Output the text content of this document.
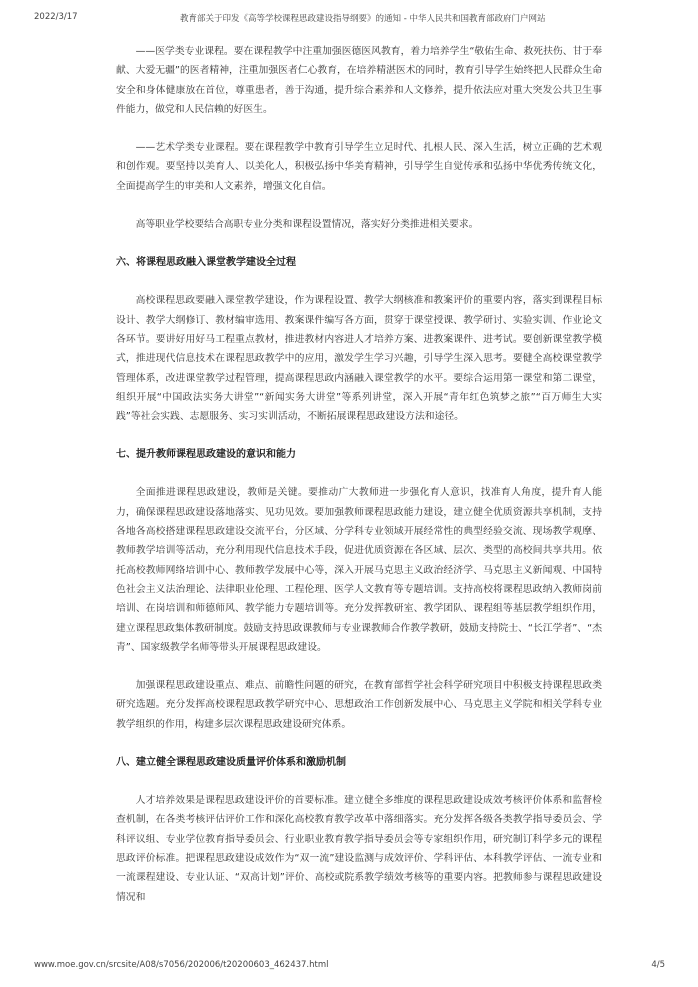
2022/3/17	教育部关于印发《高等学校课程思政建设指导纲要》的通知 - 中华人民共和国教育部政府门户网站

——医学类专业课程。要在课程教学中注重加强医德医风教育，着力培养学生“敬佑生命、救死扶伤、甘于奉献、大爱无疆”的医者精神，注重加强医者仁心教育，在培养精湛医术的同时，教育引导学生始终把人民群众生命安全和身体健康放在首位，尊重患者，善于沟通，提升综合素养和人文修养，提升依法应对重大突发公共卫生事件能力，做党和人民信赖的好医生。

——艺术学类专业课程。要在课程教学中教育引导学生立足时代、扎根人民、深入生活，树立正确的艺术观和创作观。要坚持以美育人、以美化人，积极弘扬中华美育精神，引导学生自觉传承和弘扬中华优秀传统文化，全面提高学生的审美和人文素养，增强文化自信。

高等职业学校要结合高职专业分类和课程设置情况，落实好分类推进相关要求。

六、将课程思政融入课堂教学建设全过程

高校课程思政要融入课堂教学建设，作为课程设置、教学大纲核准和教案评价的重要内容，落实到课程目标设计、教学大纲修订、教材编审选用、教案课件编写各方面，贯穿于课堂授课、教学研讨、实验实训、作业论文各环节。要讲好用好马工程重点教材，推进教材内容进人才培养方案、进教案课件、进考试。要创新课堂教学模式，推进现代信息技术在课程思政教学中的应用，激发学生学习兴趣，引导学生深入思考。要健全高校课堂教学管理体系，改进课堂教学过程管理，提高课程思政内涵融入课堂教学的水平。要综合运用第一课堂和第二课堂，组织开展“中国政法实务大讲堂”“新闻实务大讲堂”等系列讲堂，深入开展“青年红色筑梦之旅”“百万师生大实践”等社会实践、志愿服务、实习实训活动，不断拓展课程思政建设方法和途径。

七、提升教师课程思政建设的意识和能力

全面推进课程思政建设，教师是关键。要推动广大教师进一步强化育人意识，找准育人角度，提升育人能力，确保课程思政建设落地落实、见功见效。要加强教师课程思政能力建设，建立健全优质资源共享机制，支持各地各高校搭建课程思政建设交流平台，分区域、分学科专业领域开展经常性的典型经验交流、现场教学观摩、教师教学培训等活动，充分利用现代信息技术手段，促进优质资源在各区域、层次、类型的高校间共享共用。依托高校教师网络培训中心、教师教学发展中心等，深入开展马克思主义政治经济学、马克思主义新闻观、中国特色社会主义法治理论、法律职业伦理、工程伦理、医学人文教育等专题培训。支持高校将课程思政纳入教师岗前培训、在岗培训和师德师风、教学能力专题培训等。充分发挥教研室、教学团队、课程组等基层教学组织作用，建立课程思政集体教研制度。鼓励支持思政课教师与专业课教师合作教学教研，鼓励支持院士、“长江学者”、“杰青”、国家级教学名师等带头开展课程思政建设。

加强课程思政建设重点、难点、前瞻性问题的研究，在教育部哲学社会科学研究项目中积极支持课程思政类研究选题。充分发挥高校课程思政教学研究中心、思想政治工作创新发展中心、马克思主义学院和相关学科专业教学组织的作用，构建多层次课程思政建设研究体系。

八、建立健全课程思政建设质量评价体系和激励机制

人才培养效果是课程思政建设评价的首要标准。建立健全多维度的课程思政建设成效考核评价体系和监督检查机制，在各类考核评估评价工作和深化高校教育教学改革中落细落实。充分发挥各级各类教学指导委员会、学科评议组、专业学位教育指导委员会、行业职业教育教学指导委员会等专家组织作用，研究制订科学多元的课程思政评价标准。把课程思政建设成效作为“双一流”建设监测与成效评价、学科评估、本科教学评估、一流专业和一流课程建设、专业认证、“双高计划”评价、高校或院系教学绩效考核等的重要内容。把教师参与课程思政建设情况和

www.moe.gov.cn/srcsite/A08/s7056/202006/t20200603_462437.html	4/5
